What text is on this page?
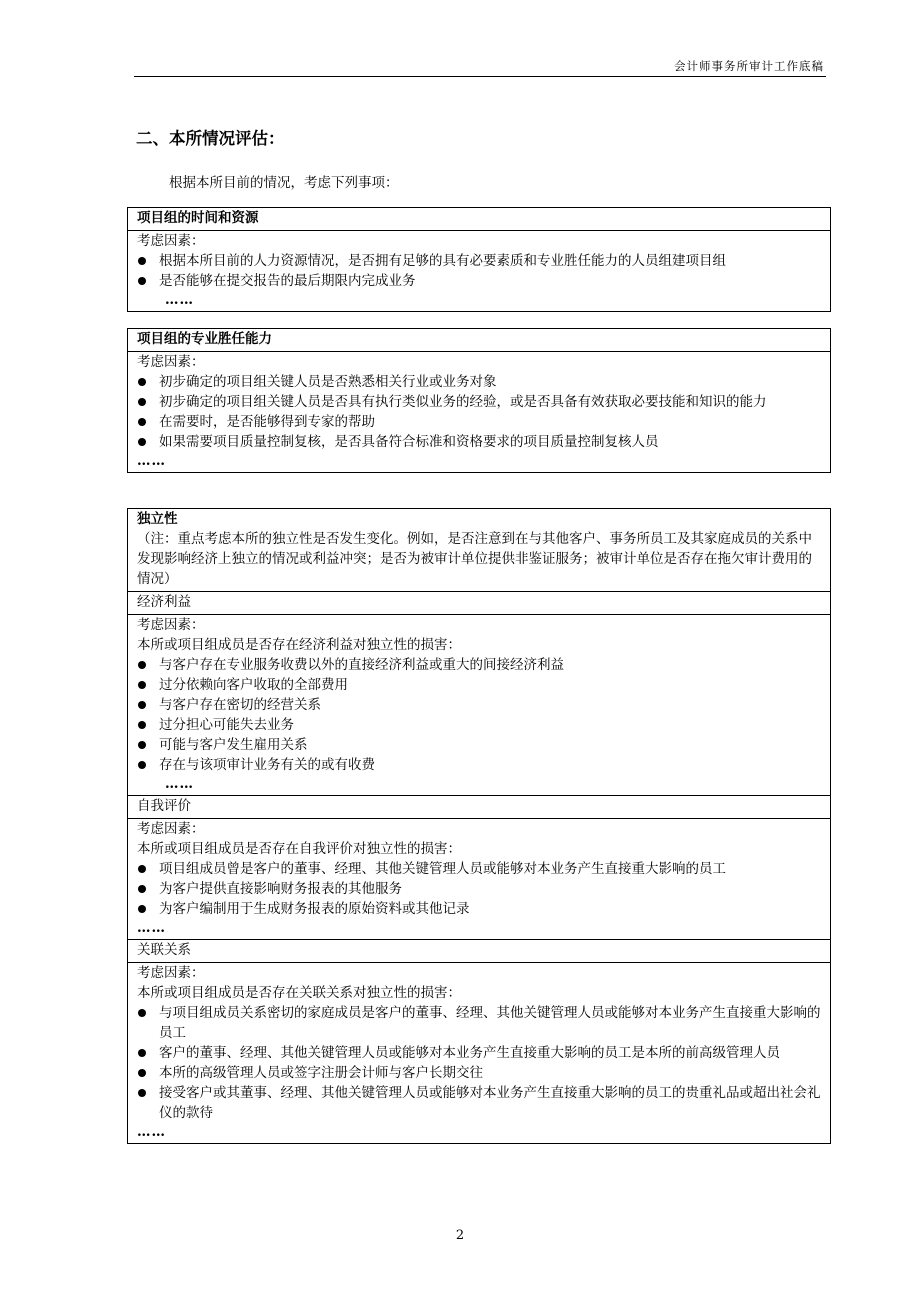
会计师事务所审计工作底稿
二、本所情况评估：
根据本所目前的情况，考虑下列事项：
项目组的时间和资源
考虑因素：
根据本所目前的人力资源情况，是否拥有足够的具有必要素质和专业胜任能力的人员组建项目组
是否能够在提交报告的最后期限内完成业务
……
项目组的专业胜任能力
考虑因素：
初步确定的项目组关键人员是否熟悉相关行业或业务对象
初步确定的项目组关键人员是否具有执行类似业务的经验，或是否具备有效获取必要技能和知识的能力
在需要时，是否能够得到专家的帮助
如果需要项目质量控制复核，是否具备符合标准和资格要求的项目质量控制复核人员
……
独立性
（注：重点考虑本所的独立性是否发生变化。例如，是否注意到在与其他客户、事务所员工及其家庭成员的关系中发现影响经济上独立的情况或利益冲突；是否为被审计单位提供非鉴证服务；被审计单位是否存在拖欠审计费用的情况）
经济利益
考虑因素：
本所或项目组成员是否存在经济利益对独立性的损害：
与客户存在专业服务收费以外的直接经济利益或重大的间接经济利益
过分依赖向客户收取的全部费用
与客户存在密切的经营关系
过分担心可能失去业务
可能与客户发生雇用关系
存在与该项审计业务有关的或有收费
……
自我评价
考虑因素：
本所或项目组成员是否存在自我评价对独立性的损害：
项目组成员曾是客户的董事、经理、其他关键管理人员或能够对本业务产生直接重大影响的员工
为客户提供直接影响财务报表的其他服务
为客户编制用于生成财务报表的原始资料或其他记录
……
关联关系
考虑因素：
本所或项目组成员是否存在关联关系对独立性的损害：
与项目组成员关系密切的家庭成员是客户的董事、经理、其他关键管理人员或能够对本业务产生直接重大影响的员工
客户的董事、经理、其他关键管理人员或能够对本业务产生直接重大影响的员工是本所的前高级管理人员
本所的高级管理人员或签字注册会计师与客户长期交往
接受客户或其董事、经理、其他关键管理人员或能够对本业务产生直接重大影响的员工的贵重礼品或超出社会礼仪的款待
……
2
